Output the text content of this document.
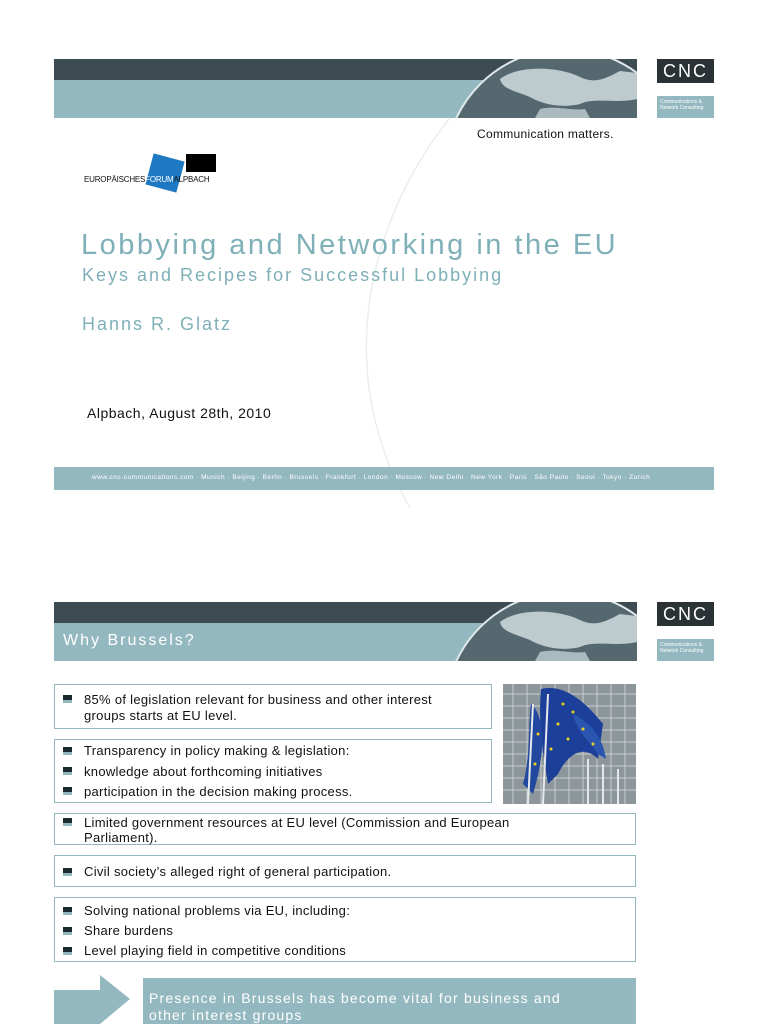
CNC
Communications &
Network Consulting
Communication matters.
EUROPÄISCHESFORUMALPBACH
Lobbying and Networking in the EU
Keys and Recipes for Successful Lobbying
Hanns R. Glatz
Alpbach, August 28th, 2010
www.cnc-communications.com · Munich · Beijing · Berlin · Brussels · Frankfurt · London · Moscow · New Delhi · New York · Paris · São Paulo · Seoul · Tokyo · Zurich
CNC
Communications &
Network Consulting
Why Brussels?
85% of legislation relevant for business and other interest
groups starts at EU level.
Transparency in policy making & legislation:
knowledge about forthcoming initiatives
participation in the decision making process.
Limited government resources at EU level (Commission and European
Parliament).
Civil society’s alleged right of general participation.
Solving national problems via EU, including:
Share burdens
Level playing field in competitive conditions
Presence in Brussels has become vital for business and
other interest groups
